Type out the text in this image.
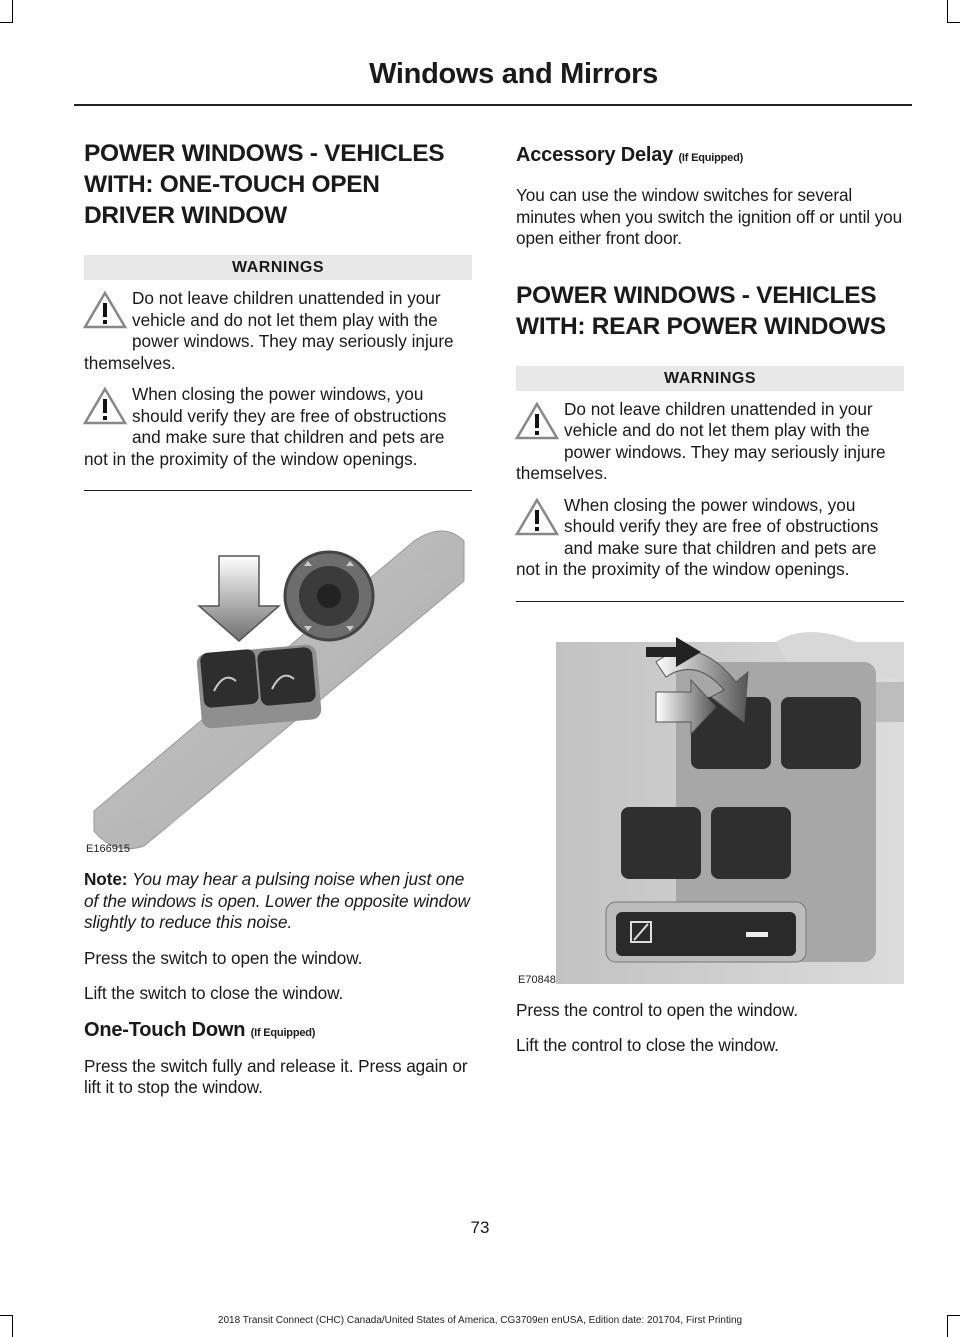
Windows and Mirrors
POWER WINDOWS - VEHICLES WITH: ONE-TOUCH OPEN DRIVER WINDOW
WARNINGS
Do not leave children unattended in your vehicle and do not let them play with the power windows. They may seriously injure themselves.
When closing the power windows, you should verify they are free of obstructions and make sure that children and pets are not in the proximity of the window openings.
E166915

Note: You may hear a pulsing noise when just one of the windows is open. Lower the opposite window slightly to reduce this noise.

Press the switch to open the window.

Lift the switch to close the window.

One-Touch Down (If Equipped)

Press the switch fully and release it. Press again or lift it to stop the window.

Accessory Delay (If Equipped)

You can use the window switches for several minutes when you switch the ignition off or until you open either front door.

POWER WINDOWS - VEHICLES WITH: REAR POWER WINDOWS
WARNINGS
Do not leave children unattended in your vehicle and do not let them play with the power windows. They may seriously injure themselves.
When closing the power windows, you should verify they are free of obstructions and make sure that children and pets are not in the proximity of the window openings.
E70848

Press the control to open the window.

Lift the control to close the window.

73
2018 Transit Connect (CHC) Canada/United States of America, CG3709en enUSA, Edition date: 201704, First Printing
